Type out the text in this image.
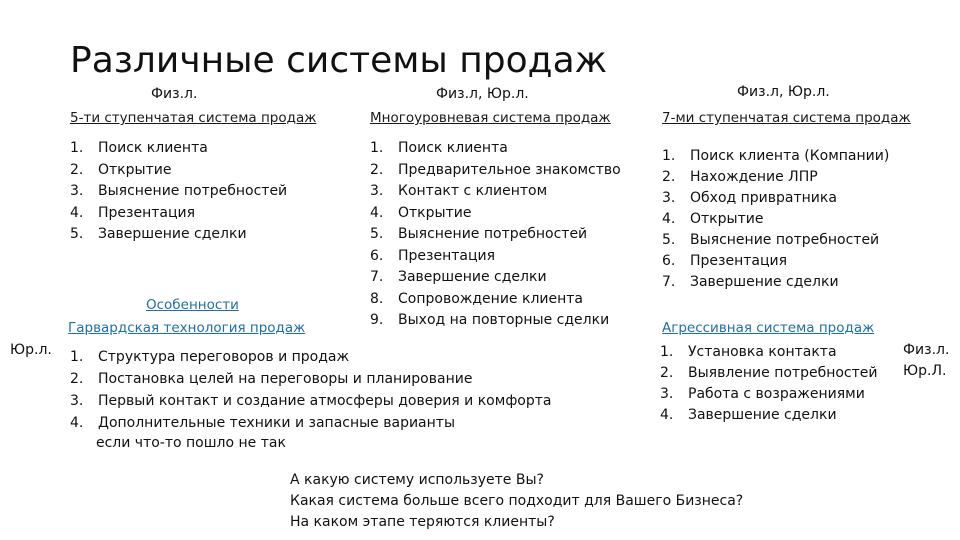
Различные системы продаж
Физ.л.
5-ти ступенчатая система продаж
1. Поиск клиента
2. Открытие
3. Выяснение потребностей
4. Презентация
5. Завершение сделки
Физ.л, Юр.л.
Многоуровневая система продаж
1. Поиск клиента
2. Предварительное знакомство
3. Контакт с клиентом
4. Открытие
5. Выяснение потребностей
6. Презентация
7. Завершение сделки
8. Сопровождение клиента
9. Выход на повторные сделки
Физ.л, Юр.л.
7-ми ступенчатая система продаж
1. Поиск клиента (Компании)
2. Нахождение ЛПР
3. Обход привратника
4. Открытие
5. Выяснение потребностей
6. Презентация
7. Завершение сделки
Особенности
Гарвардская технология продаж
Юр.л. 1. Структура переговоров и продаж
2. Постановка целей на переговоры и планирование
3. Первый контакт и создание атмосферы доверия и комфорта
4. Дополнительные техники и запасные варианты
если что-то пошло не так
Агрессивная система продаж
1. Установка контакта
2. Выявление потребностей
3. Работа с возражениями
4. Завершение сделки
Физ.л.
Юр.Л.
А какую систему используете Вы?
Какая система больше всего подходит для Вашего Бизнеса?
На каком этапе теряются клиенты?
